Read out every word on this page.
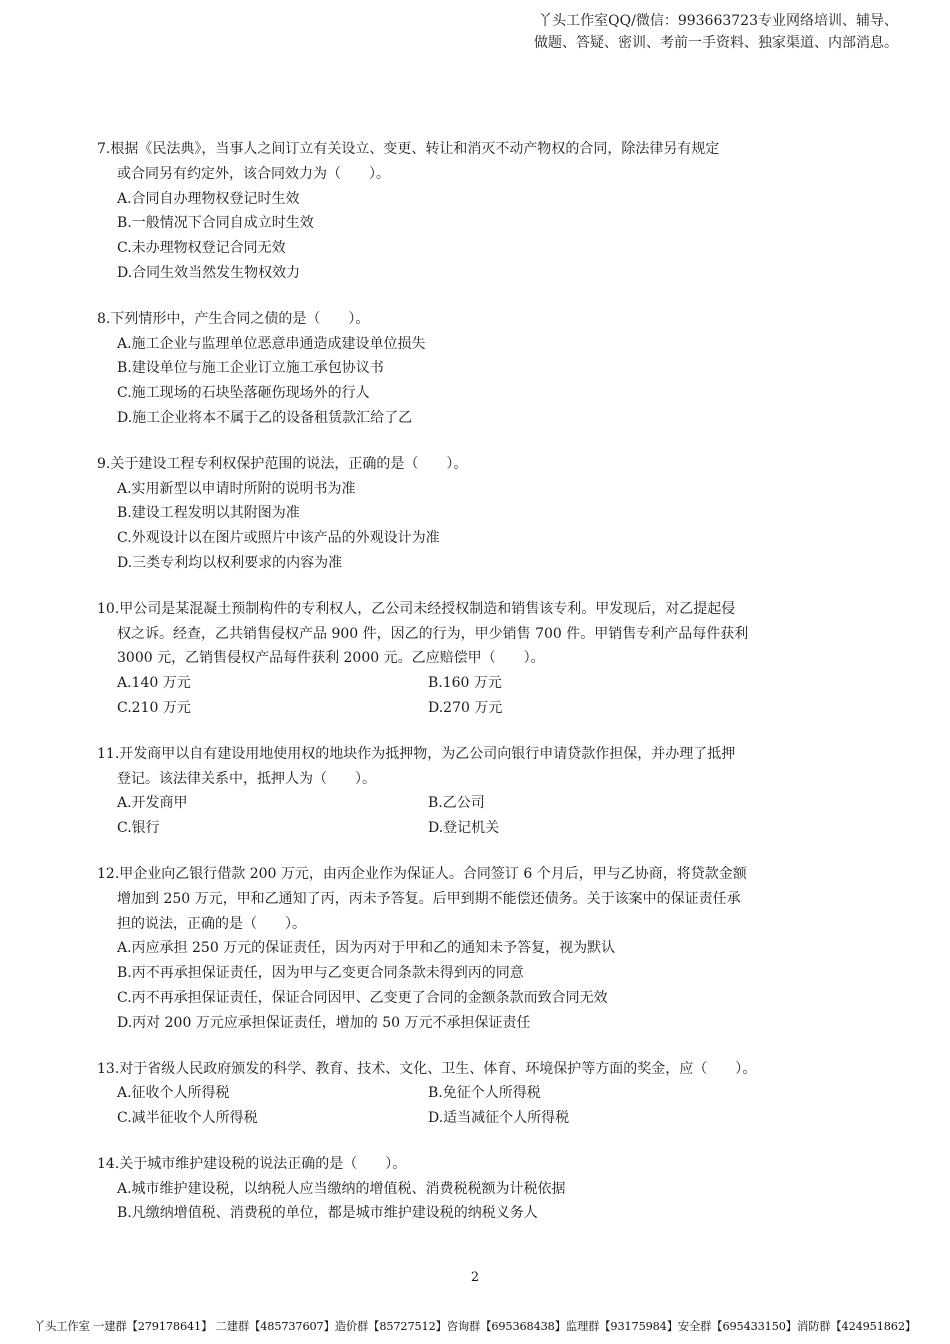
丫头工作室QQ/微信：993663723专业网络培训、辅导、
做题、答疑、密训、考前一手资料、独家渠道、内部消息。
7.根据《民法典》，当事人之间订立有关设立、变更、转让和消灭不动产物权的合同，除法律另有规定
或合同另有约定外，该合同效力为（　　）。
A.合同自办理物权登记时生效
B.一般情况下合同自成立时生效
C.未办理物权登记合同无效
D.合同生效当然发生物权效力
8.下列情形中，产生合同之债的是（　　）。
A.施工企业与监理单位恶意串通造成建设单位损失
B.建设单位与施工企业订立施工承包协议书
C.施工现场的石块坠落砸伤现场外的行人
D.施工企业将本不属于乙的设备租赁款汇给了乙
9.关于建设工程专利权保护范围的说法，正确的是（　　）。
A.实用新型以申请时所附的说明书为准
B.建设工程发明以其附图为准
C.外观设计以在图片或照片中该产品的外观设计为准
D.三类专利均以权利要求的内容为准
10.甲公司是某混凝土预制构件的专利权人，乙公司未经授权制造和销售该专利。甲发现后，对乙提起侵
权之诉。经查，乙共销售侵权产品 900 件，因乙的行为，甲少销售 700 件。甲销售专利产品每件获利
3000 元，乙销售侵权产品每件获利 2000 元。乙应赔偿甲（　　）。
A.140 万元	B.160 万元
C.210 万元	D.270 万元
11.开发商甲以自有建设用地使用权的地块作为抵押物，为乙公司向银行申请贷款作担保，并办理了抵押
登记。该法律关系中，抵押人为（　　）。
A.开发商甲	B.乙公司
C.银行	D.登记机关
12.甲企业向乙银行借款 200 万元，由丙企业作为保证人。合同签订 6 个月后，甲与乙协商，将贷款金额
增加到 250 万元，甲和乙通知了丙，丙未予答复。后甲到期不能偿还债务。关于该案中的保证责任承
担的说法，正确的是（　　）。
A.丙应承担 250 万元的保证责任，因为丙对于甲和乙的通知未予答复，视为默认
B.丙不再承担保证责任，因为甲与乙变更合同条款未得到丙的同意
C.丙不再承担保证责任，保证合同因甲、乙变更了合同的金额条款而致合同无效
D.丙对 200 万元应承担保证责任，增加的 50 万元不承担保证责任
13.对于省级人民政府颁发的科学、教育、技术、文化、卫生、体育、环境保护等方面的奖金，应（　　）。
A.征收个人所得税	B.免征个人所得税
C.减半征收个人所得税	D.适当减征个人所得税
14.关于城市维护建设税的说法正确的是（　　）。
A.城市维护建设税，以纳税人应当缴纳的增值税、消费税税额为计税依据
B.凡缴纳增值税、消费税的单位，都是城市维护建设税的纳税义务人
2
丫头工作室 一建群【279178641】 二建群【485737607】造价群【85727512】咨询群【695368438】监理群【93175984】安全群【695433150】消防群【424951862】
